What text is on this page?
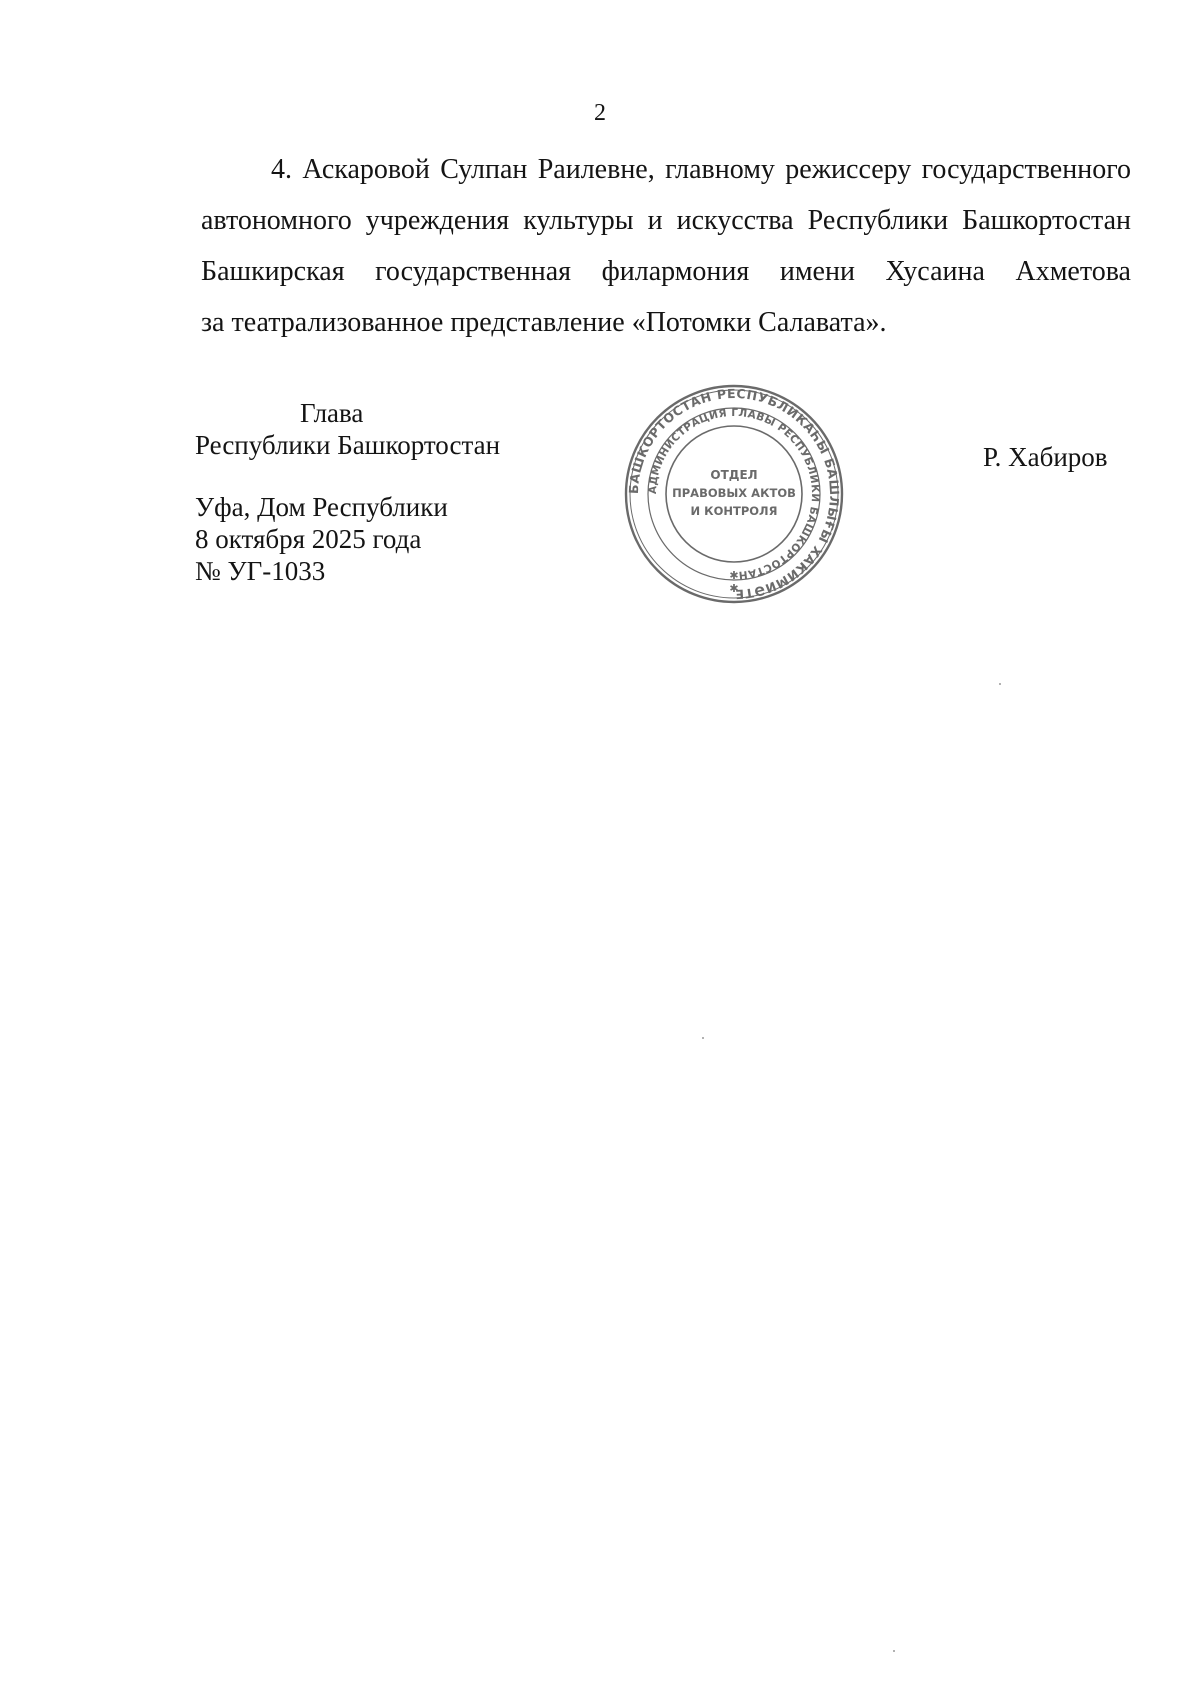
2
4. Аскаровой Сулпан Раилевне, главному режиссеру государственного
автономного учреждения культуры и искусства Республики Башкортостан
Башкирская государственная филармония имени Хусаина Ахметова
за театрализованное представление «Потомки Салавата».
Глава
Республики Башкортостан	Р. Хабиров
Уфа, Дом Республики
8 октября 2025 года
№ УГ-1033
БАШКОРТОСТАН РЕСПУБЛИКАҺЫ БАШЛЫҒЫ ХАКИМИӘТЕ
АДМИНИСТРАЦИЯ ГЛАВЫ РЕСПУБЛИКИ БАШКОРТОСТАН
ОТДЕЛ
ПРАВОВЫХ АКТОВ
И КОНТРОЛЯ
✱
✱
